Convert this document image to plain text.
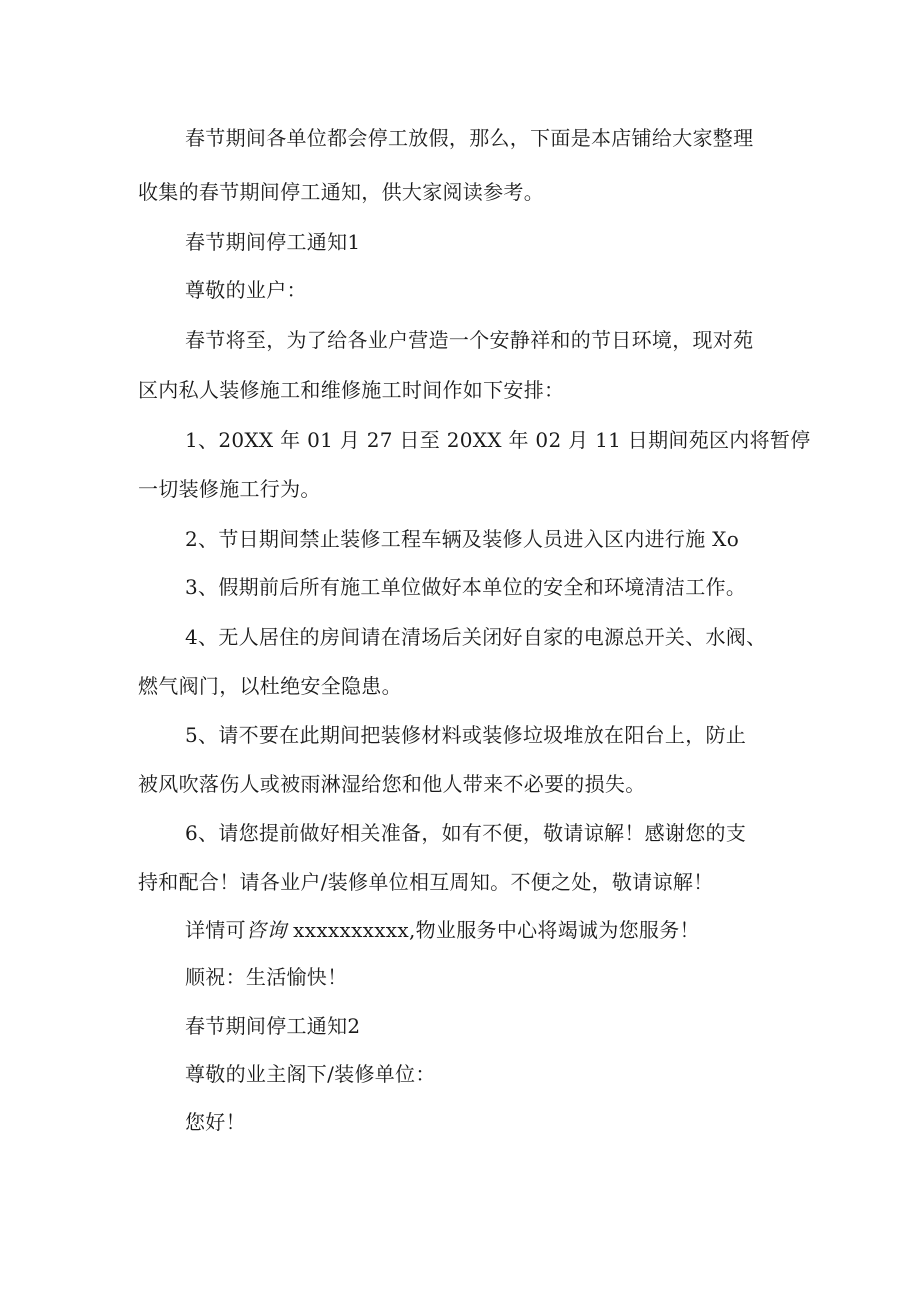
春节期间各单位都会停工放假，那么，下面是本店铺给大家整理

收集的春节期间停工通知，供大家阅读参考。

春节期间停工通知1

尊敬的业户：

春节将至，为了给各业户营造一个安静祥和的节日环境，现对苑

区内私人装修施工和维修施工时间作如下安排：

1、20XX 年 01 月 27 日至 20XX 年 02 月 11 日期间苑区内将暂停

一切装修施工行为。

2、节日期间禁止装修工程车辆及装修人员进入区内进行施 Xo

3、假期前后所有施工单位做好本单位的安全和环境清洁工作。

4、无人居住的房间请在清场后关闭好自家的电源总开关、水阀、

燃气阀门，以杜绝安全隐患。

5、请不要在此期间把装修材料或装修垃圾堆放在阳台上，防止

被风吹落伤人或被雨淋湿给您和他人带来不必要的损失。

6、请您提前做好相关准备，如有不便，敬请谅解！感谢您的支

持和配合！请各业户/装修单位相互周知。不便之处，敬请谅解！

详情可咨询 xxxxxxxxxx,物业服务中心将竭诚为您服务！

顺祝：生活愉快！

春节期间停工通知2

尊敬的业主阁下/装修单位：

您好！
